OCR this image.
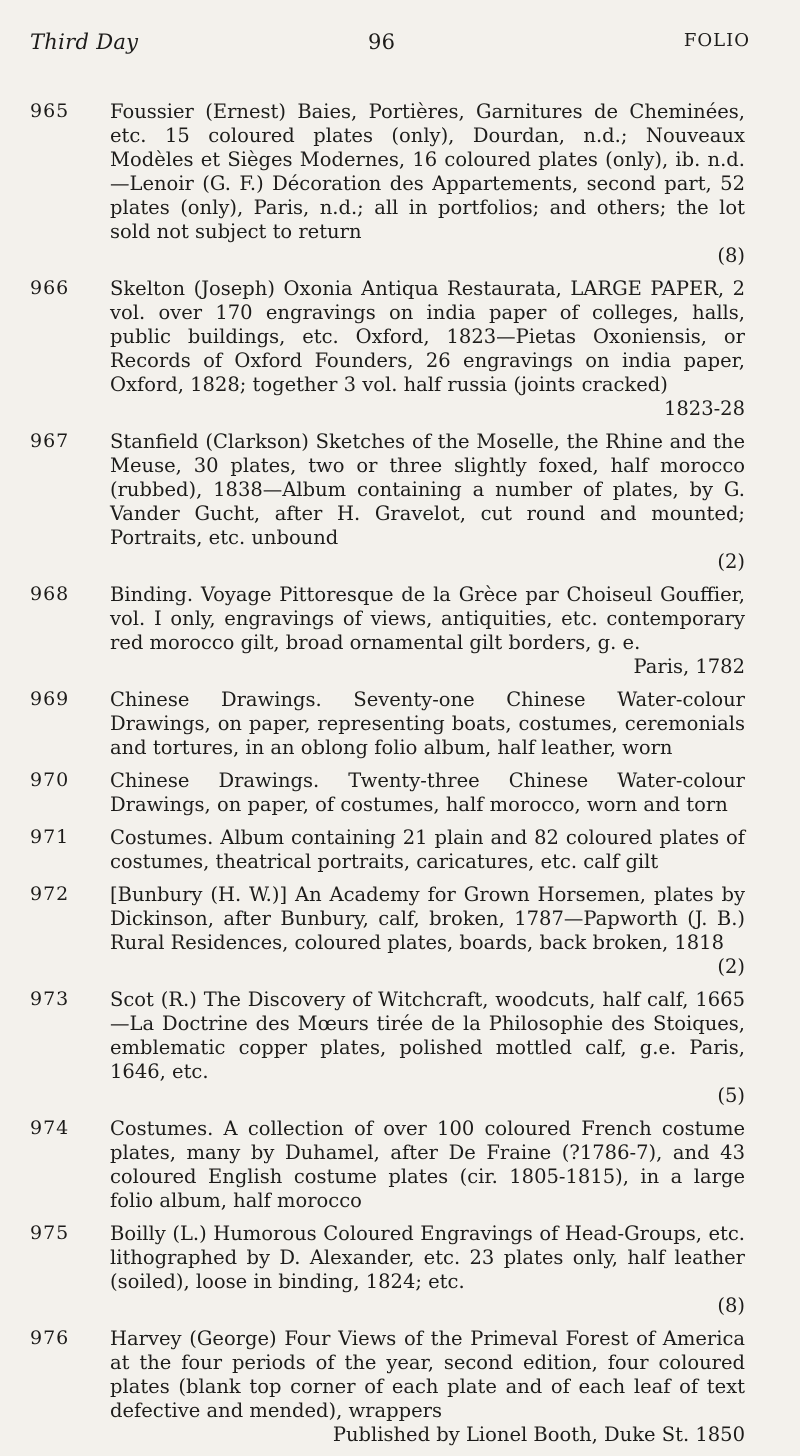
Third Day	96	FOLIO
965	Foussier (Ernest) Baies, Portières, Garnitures de Cheminées, etc. 15 coloured plates (only), Dourdan, n.d.; Nouveaux Modèles et Sièges Modernes, 16 coloured plates (only), ib. n.d.—Lenoir (G. F.) Décoration des Appartements, second part, 52 plates (only), Paris, n.d.; all in portfolios; and others; the lot sold not subject to return
(8)
966	Skelton (Joseph) Oxonia Antiqua Restaurata, LARGE PAPER, 2 vol. over 170 engravings on india paper of colleges, halls, public buildings, etc. Oxford, 1823—Pietas Oxoniensis, or Records of Oxford Founders, 26 engravings on india paper, Oxford, 1828; together 3 vol. half russia (joints cracked)
1823-28
967	Stanfield (Clarkson) Sketches of the Moselle, the Rhine and the Meuse, 30 plates, two or three slightly foxed, half morocco (rubbed), 1838—Album containing a number of plates, by G. Vander Gucht, after H. Gravelot, cut round and mounted; Portraits, etc. unbound
(2)
968	Binding. Voyage Pittoresque de la Grèce par Choiseul Gouffier, vol. I only, engravings of views, antiquities, etc. contemporary red morocco gilt, broad ornamental gilt borders, g. e.
Paris, 1782
969	Chinese Drawings. Seventy-one Chinese Water-colour Drawings, on paper, representing boats, costumes, ceremonials and tortures, in an oblong folio album, half leather, worn
970	Chinese Drawings. Twenty-three Chinese Water-colour Drawings, on paper, of costumes, half morocco, worn and torn
971	Costumes. Album containing 21 plain and 82 coloured plates of costumes, theatrical portraits, caricatures, etc. calf gilt
972	[Bunbury (H. W.)] An Academy for Grown Horsemen, plates by Dickinson, after Bunbury, calf, broken, 1787—Papworth (J. B.) Rural Residences, coloured plates, boards, back broken, 1818
(2)
973	Scot (R.) The Discovery of Witchcraft, woodcuts, half calf, 1665—La Doctrine des Mœurs tirée de la Philosophie des Stoiques, emblematic copper plates, polished mottled calf, g.e. Paris, 1646, etc.
(5)
974	Costumes. A collection of over 100 coloured French costume plates, many by Duhamel, after De Fraine (?1786-7), and 43 coloured English costume plates (cir. 1805-1815), in a large folio album, half morocco
975	Boilly (L.) Humorous Coloured Engravings of Head-Groups, etc. lithographed by D. Alexander, etc. 23 plates only, half leather (soiled), loose in binding, 1824; etc.
(8)
976	Harvey (George) Four Views of the Primeval Forest of America at the four periods of the year, second edition, four coloured plates (blank top corner of each plate and of each leaf of text defective and mended), wrappers
Published by Lionel Booth, Duke St. 1850
